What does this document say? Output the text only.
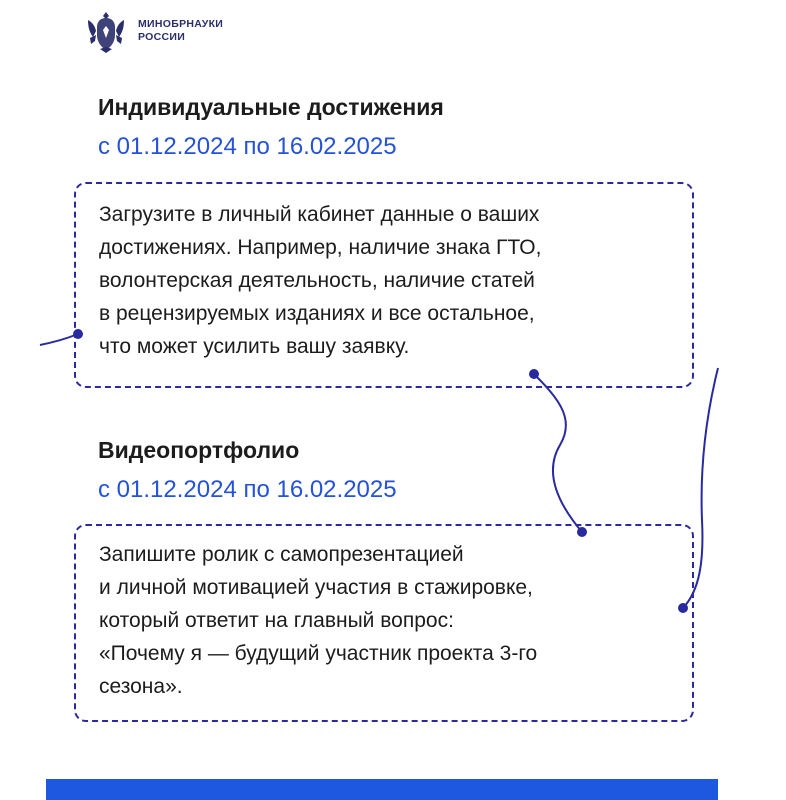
МИНОБРНАУКИ
РОССИИ
Индивидуальные достижения
с 01.12.2024 по 16.02.2025
Загрузите в личный кабинет данные о ваших
достижениях. Например, наличие знака ГТО,
волонтерская деятельность, наличие статей
в рецензируемых изданиях и все остальное,
что может усилить вашу заявку.
Видеопортфолио
с 01.12.2024 по 16.02.2025
Запишите ролик с самопрезентацией
и личной мотивацией участия в стажировке,
который ответит на главный вопрос:
«Почему я — будущий участник проекта 3-го
сезона».
